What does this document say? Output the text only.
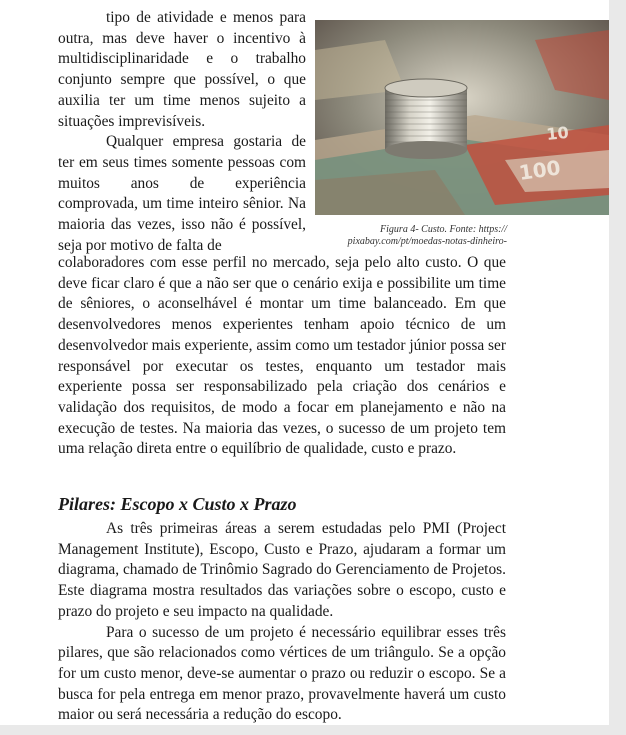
tipo de atividade e menos para outra, mas deve haver o incentivo à multidisciplinaridade e o trabalho conjunto sempre que possível, o que auxilia ter um time menos sujeito a situações imprevisíveis.

Qualquer empresa gostaria de ter em seus times somente pessoas com muitos anos de experiência comprovada, um time inteiro sênior. Na maioria das vezes, isso não é possível, seja por motivo de falta de

100
10
Figura 4- Custo. Fonte: https:// pixabay.com/pt/moedas-notas-dinheiro-

colaboradores com esse perfil no mercado, seja pelo alto custo. O que deve ficar claro é que a não ser que o cenário exija e possibilite um time de sêniores, o aconselhável é montar um time balanceado. Em que desenvolvedores menos experientes tenham apoio técnico de um desenvolvedor mais experiente, assim como um testador júnior possa ser responsável por executar os testes, enquanto um testador mais experiente possa ser responsabilizado pela criação dos cenários e validação dos requisitos, de modo a focar em planejamento e não na execução de testes. Na maioria das vezes, o sucesso de um projeto tem uma relação direta entre o equilíbrio de qualidade, custo e prazo.

Pilares: Escopo x Custo x Prazo

As três primeiras áreas a serem estudadas pelo PMI (Project Management Institute), Escopo, Custo e Prazo, ajudaram a formar um diagrama, chamado de Trinômio Sagrado do Gerenciamento de Projetos. Este diagrama mostra resultados das variações sobre o escopo, custo e prazo do projeto e seu impacto na qualidade.

Para o sucesso de um projeto é necessário equilibrar esses três pilares, que são relacionados como vértices de um triângulo. Se a opção for um custo menor, deve-se aumentar o prazo ou reduzir o escopo. Se a busca for pela entrega em menor prazo, provavelmente haverá um custo maior ou será necessária a redução do escopo.
